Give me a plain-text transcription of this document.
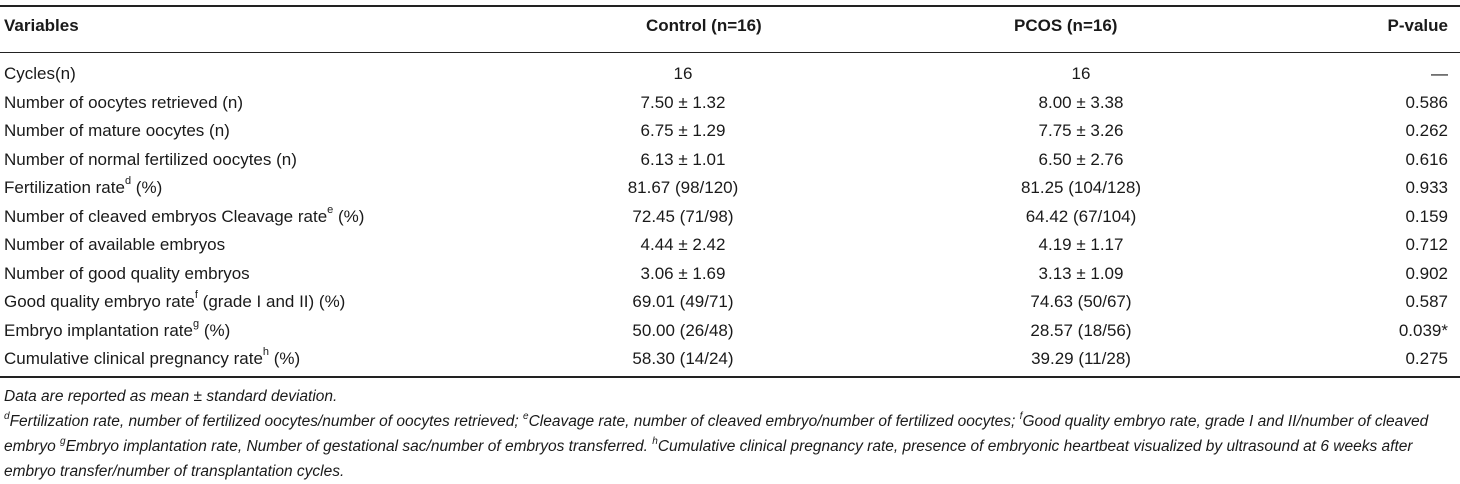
Variables	Control (n=16)	PCOS (n=16)	P-value
Cycles(n)	16	16	—
Number of oocytes retrieved (n)	7.50 ± 1.32	8.00 ± 3.38	0.586
Number of mature oocytes (n)	6.75 ± 1.29	7.75 ± 3.26	0.262
Number of normal fertilized oocytes (n)	6.13 ± 1.01	6.50 ± 2.76	0.616
Fertilization rate$^d$ (%)	81.67 (98/120)	81.25 (104/128)	0.933
Number of cleaved embryos Cleavage rate$^e$ (%)	72.45 (71/98)	64.42 (67/104)	0.159
Number of available embryos	4.44 ± 2.42	4.19 ± 1.17	0.712
Number of good quality embryos	3.06 ± 1.69	3.13 ± 1.09	0.902
Good quality embryo rate$^f$ (grade I and II) (%)	69.01 (49/71)	74.63 (50/67)	0.587
Embryo implantation rate$^g$ (%)	50.00 (26/48)	28.57 (18/56)	0.039*
Cumulative clinical pregnancy rate$^h$ (%)	58.30 (14/24)	39.29 (11/28)	0.275

Data are reported as mean ± standard deviation.

$^d$Fertilization rate, number of fertilized oocytes/number of oocytes retrieved; $^e$Cleavage rate, number of cleaved embryo/number of fertilized oocytes; $^f$Good quality embryo rate, grade I and II/number of cleaved embryo $^g$Embryo implantation rate, Number of gestational sac/number of embryos transferred. $^h$Cumulative clinical pregnancy rate, presence of embryonic heartbeat visualized by ultrasound at 6 weeks after embryo transfer/number of transplantation cycles.
